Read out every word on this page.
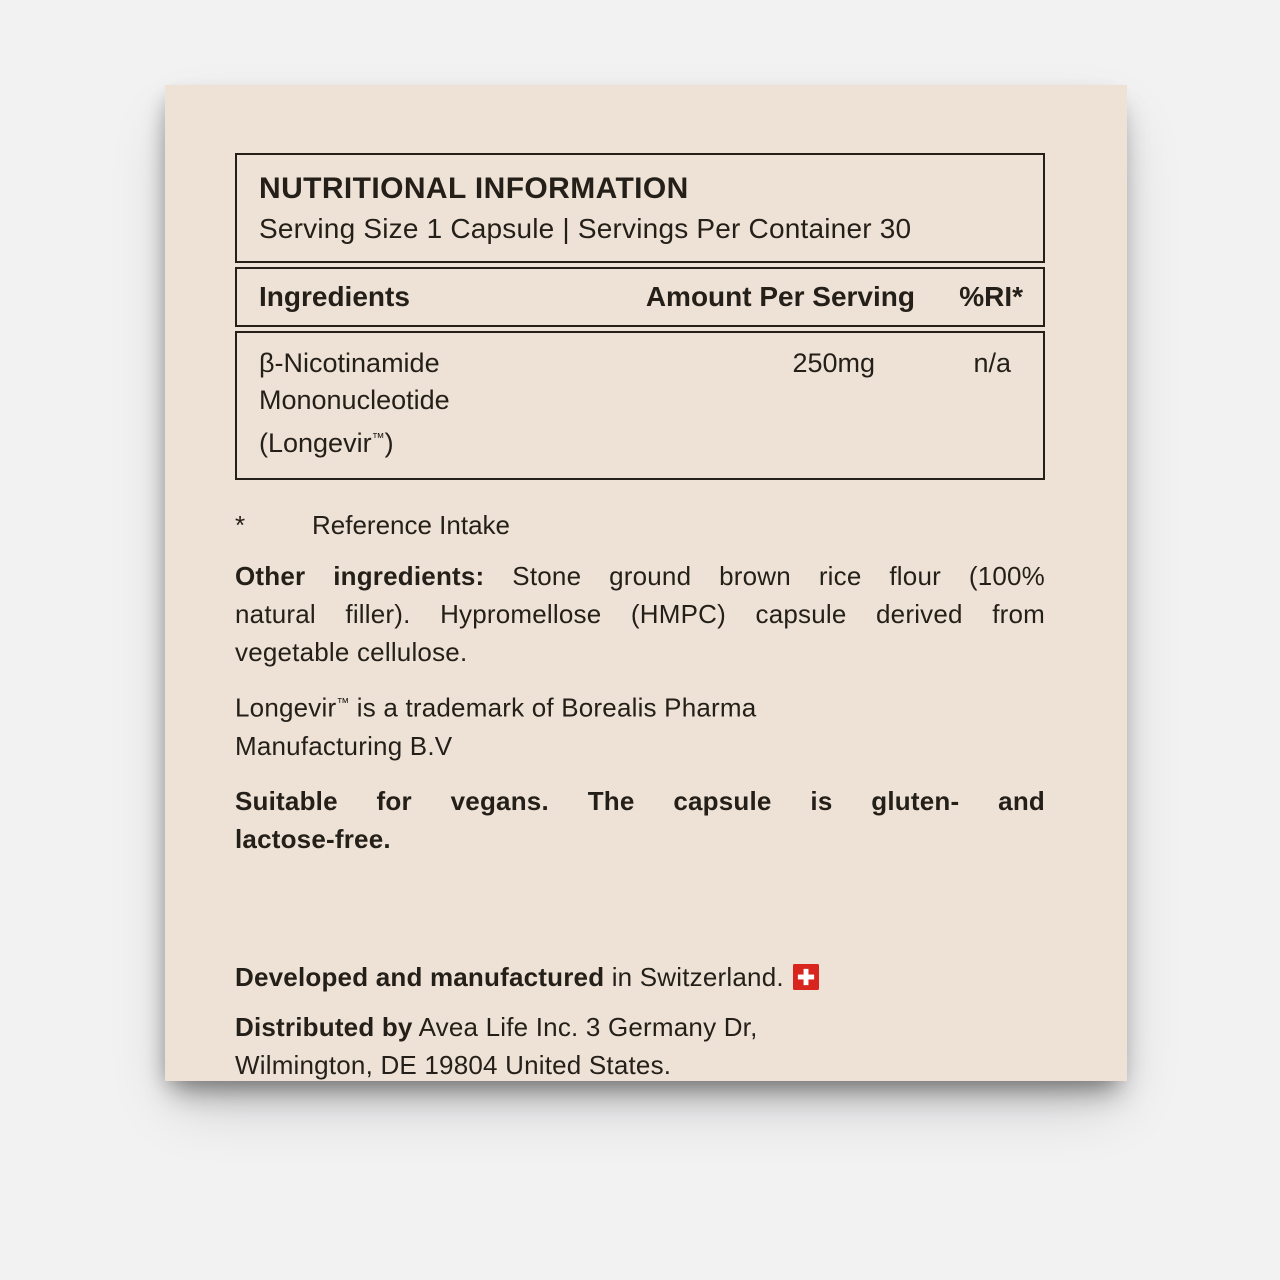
NUTRITIONAL INFORMATION
Serving Size 1 Capsule | Servings Per Container 30
Ingredients	Amount Per Serving	%RI*
β-Nicotinamide Mononucleotide
(Longevir™)
250mg	n/a
*	Reference Intake

Other ingredients: Stone ground brown rice flour (100%
natural filler). Hypromellose (HMPC) capsule derived from
vegetable cellulose.

Longevir™ is a trademark of Borealis Pharma
Manufacturing B.V

Suitable for vegans. The capsule is gluten- and
lactose-free.

Developed and manufactured in Switzerland.

Distributed by Avea Life Inc. 3 Germany Dr,
Wilmington, DE 19804 United States.
